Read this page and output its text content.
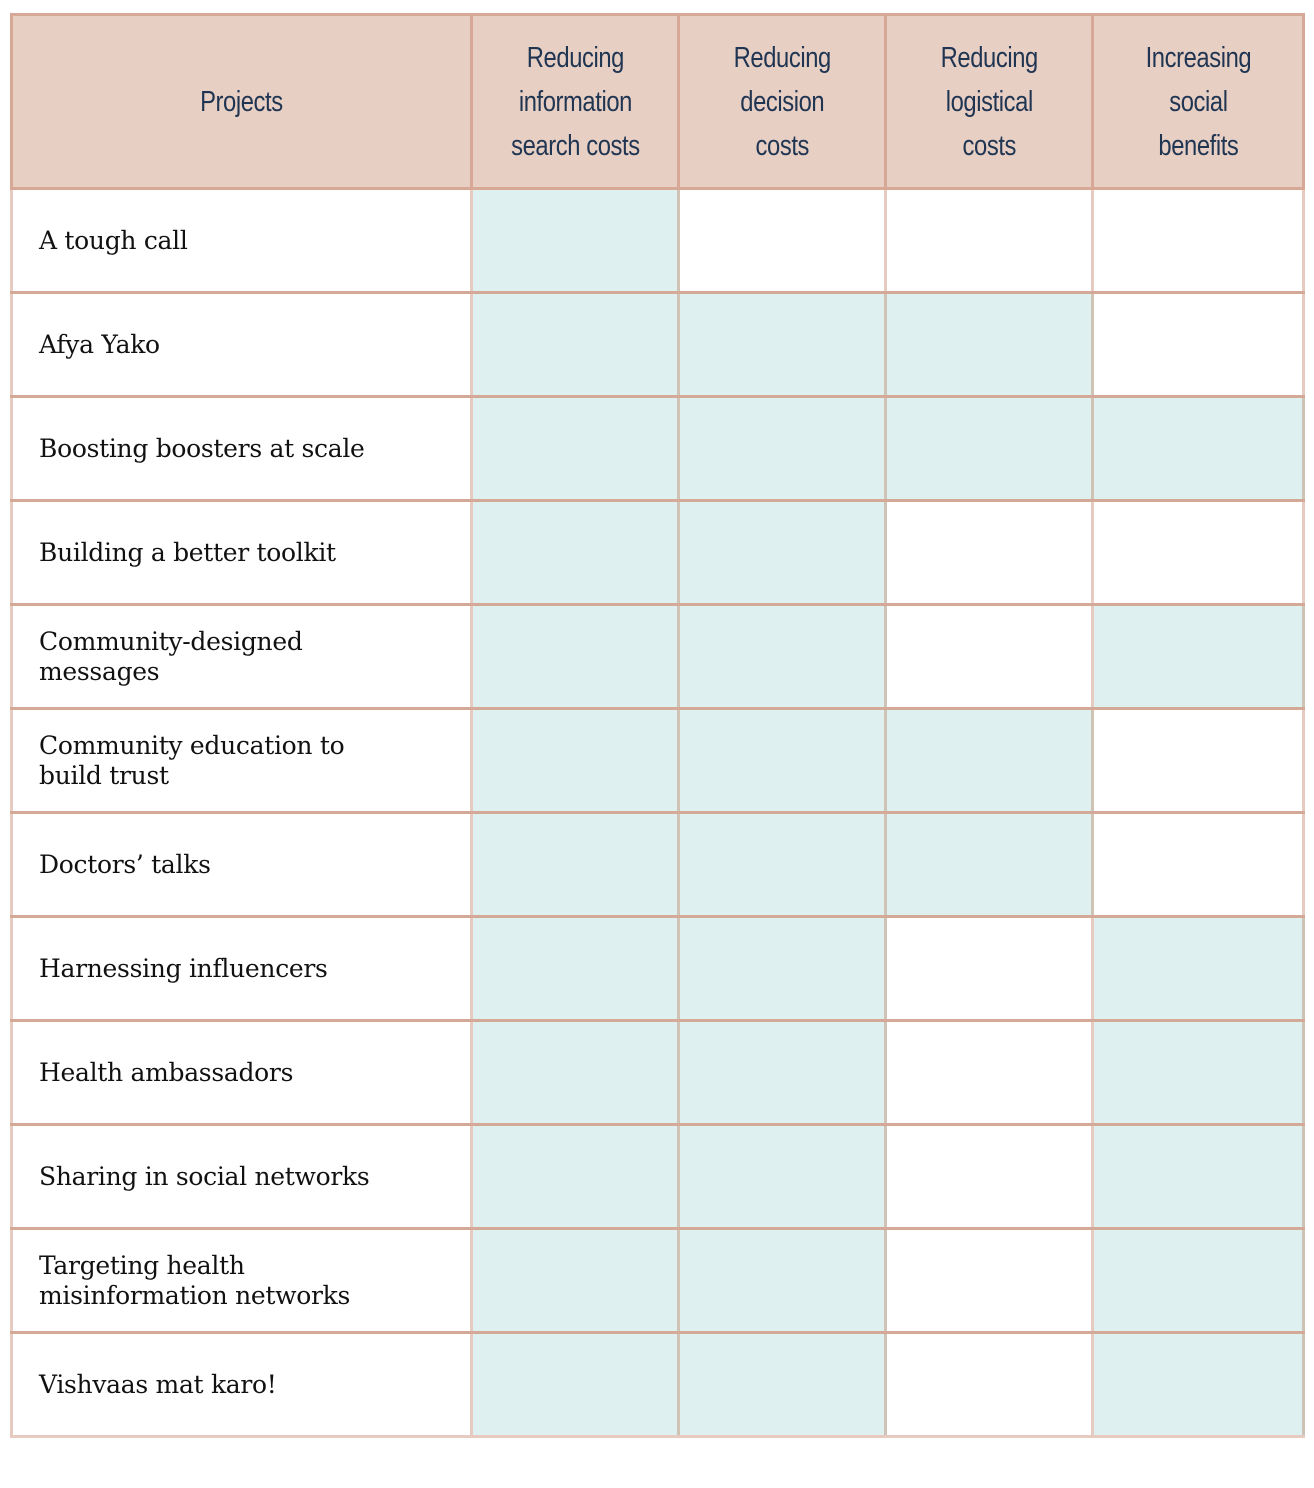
Projects	Reducing
information
search costs	Reducing
decision
costs	Reducing
logistical
costs	Increasing
social
benefits
A tough call				
Afya Yako				
Boosting boosters at scale				
Building a better toolkit				
Community-designed
messages				
Community education to
build trust				
Doctors’ talks				
Harnessing influencers				
Health ambassadors				
Sharing in social networks				
Targeting health
misinformation networks				
Vishvaas mat karo!				
